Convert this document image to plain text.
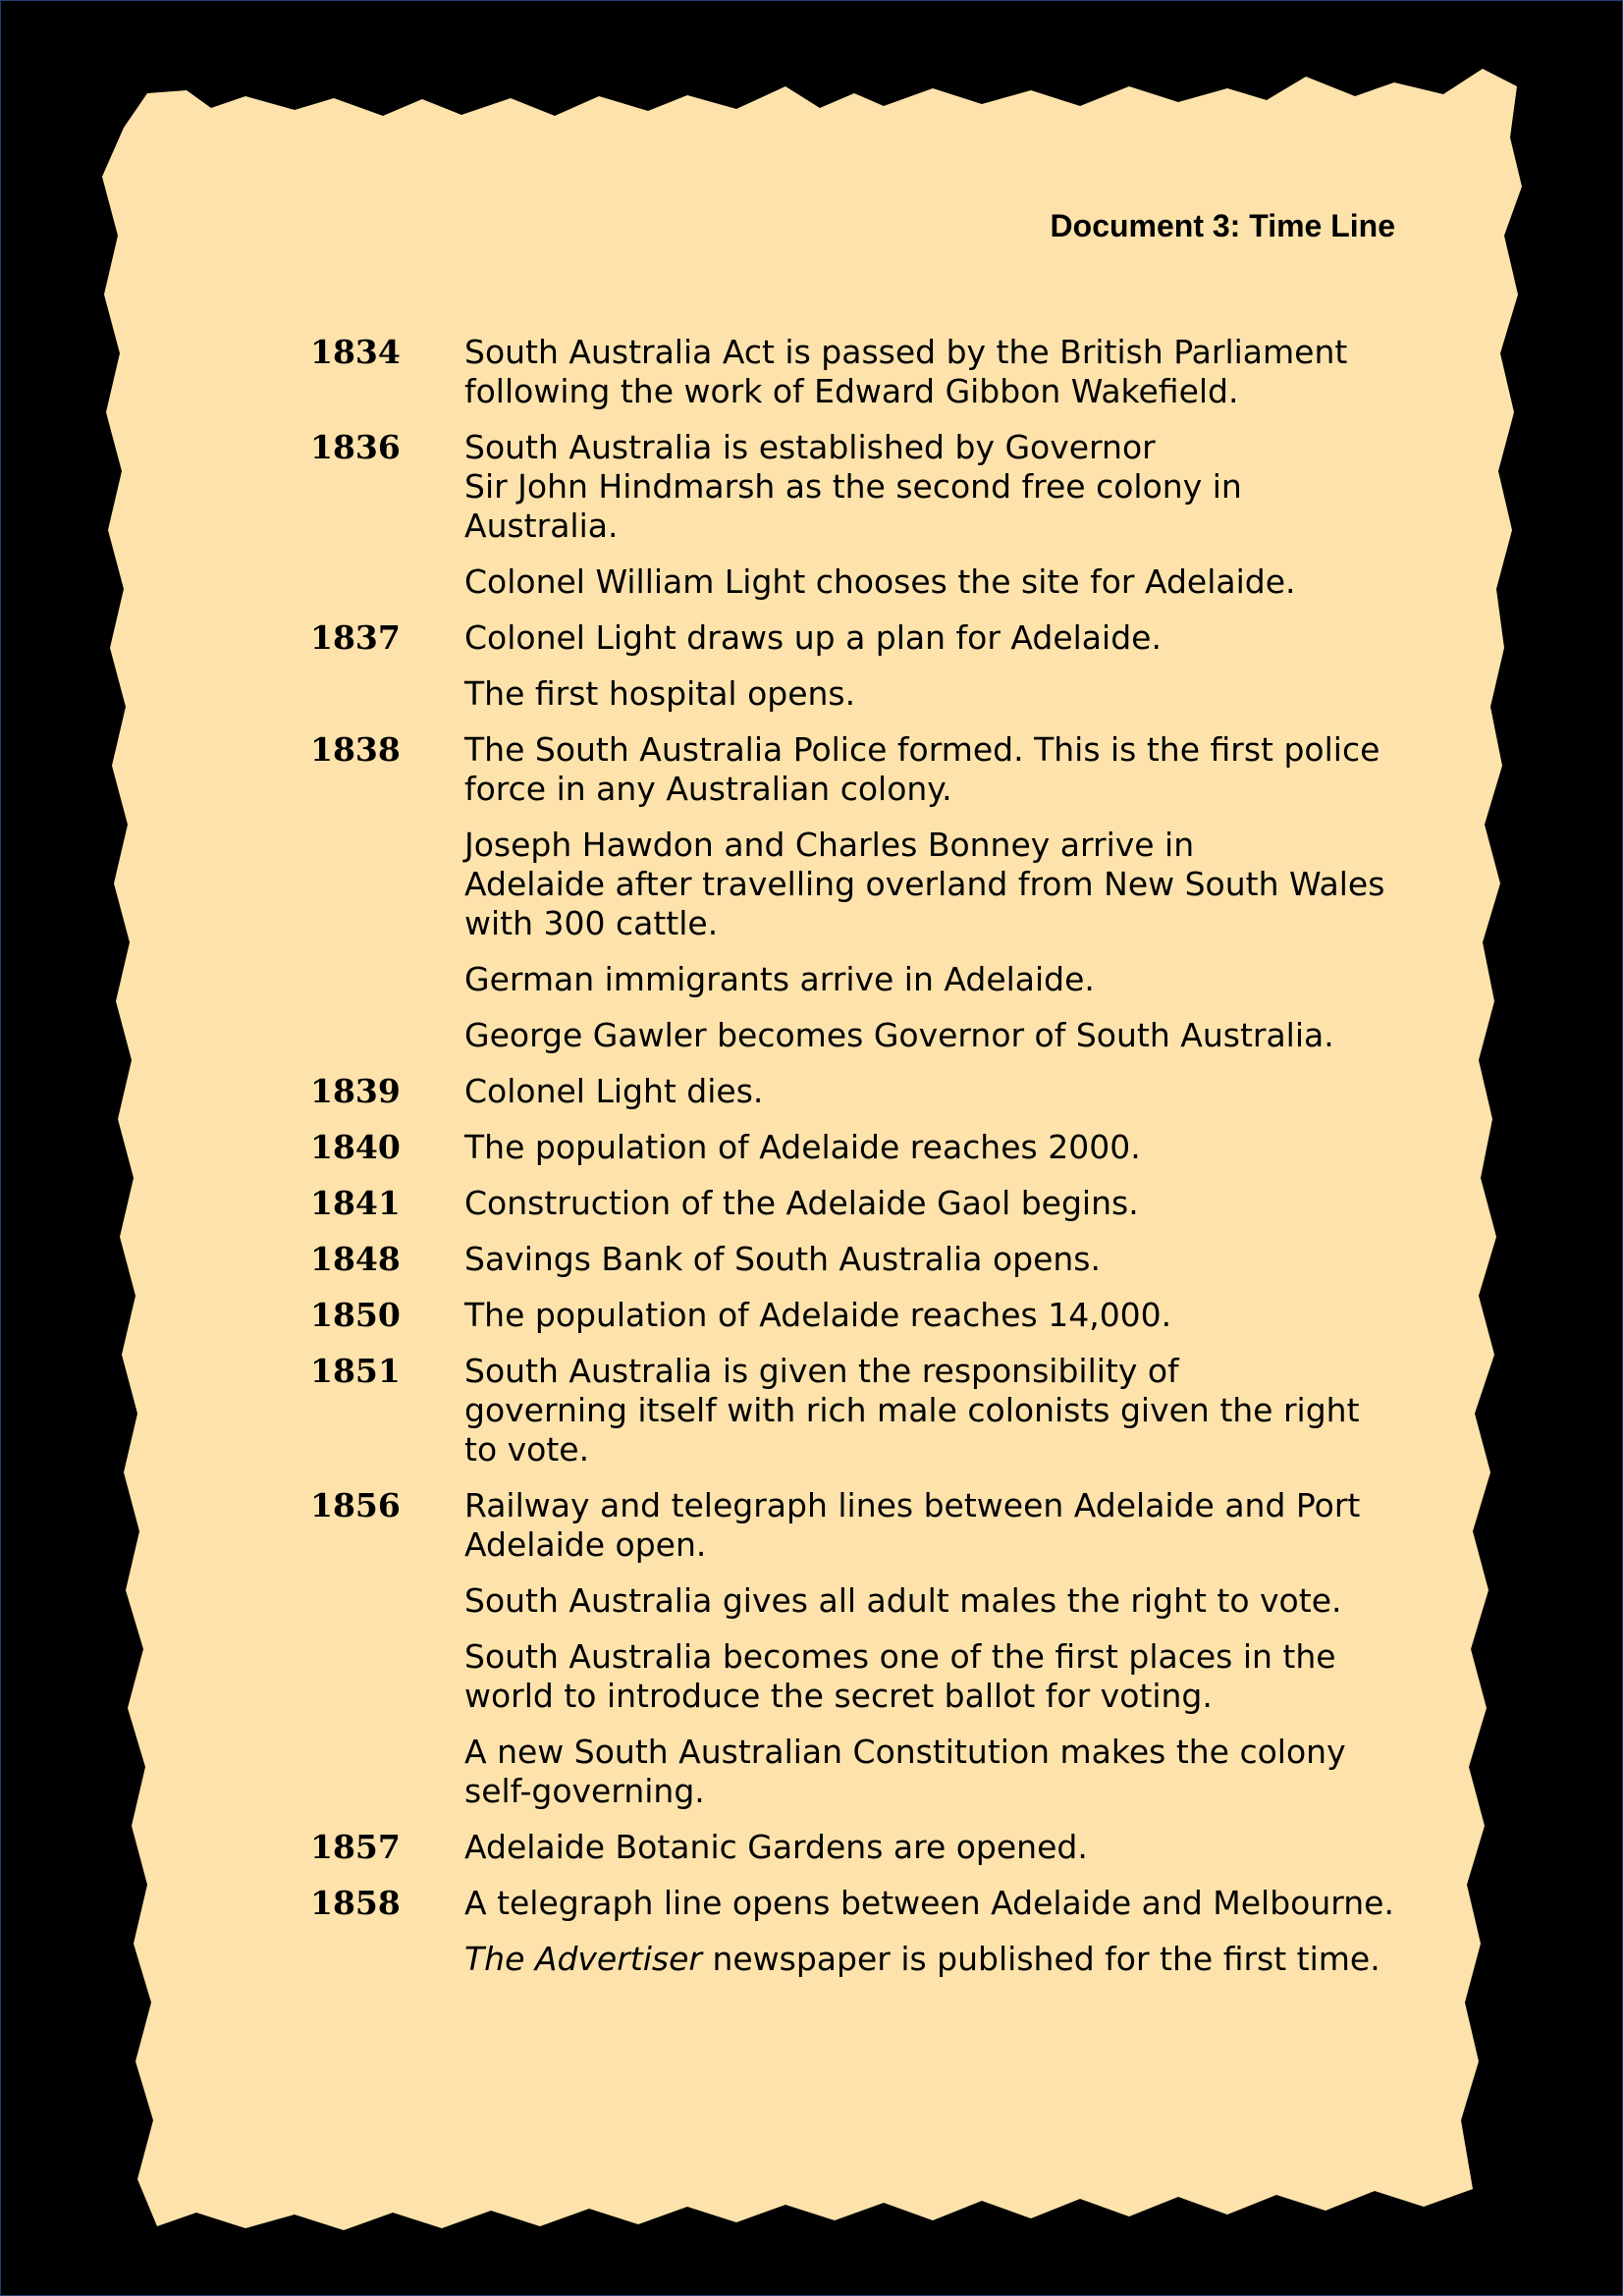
Document 3: Time Line
1834	South Australia Act is passed by the British Parliament
following the work of Edward Gibbon Wakefield.
1836	South Australia is established by Governor
Sir John Hindmarsh as the second free colony in
Australia.
Colonel William Light chooses the site for Adelaide.
1837	Colonel Light draws up a plan for Adelaide.
The first hospital opens.
1838	The South Australia Police formed. This is the first police
force in any Australian colony.
Joseph Hawdon and Charles Bonney arrive in
Adelaide after travelling overland from New South Wales
with 300 cattle.
German immigrants arrive in Adelaide.
George Gawler becomes Governor of South Australia.
1839	Colonel Light dies.
1840	The population of Adelaide reaches 2000.
1841	Construction of the Adelaide Gaol begins.
1848	Savings Bank of South Australia opens.
1850	The population of Adelaide reaches 14,000.
1851	South Australia is given the responsibility of
governing itself with rich male colonists given the right
to vote.
1856	Railway and telegraph lines between Adelaide and Port
Adelaide open.
South Australia gives all adult males the right to vote.
South Australia becomes one of the first places in the
world to introduce the secret ballot for voting.
A new South Australian Constitution makes the colony
self-governing.
1857	Adelaide Botanic Gardens are opened.
1858	A telegraph line opens between Adelaide and Melbourne.
The Advertiser newspaper is published for the first time.
